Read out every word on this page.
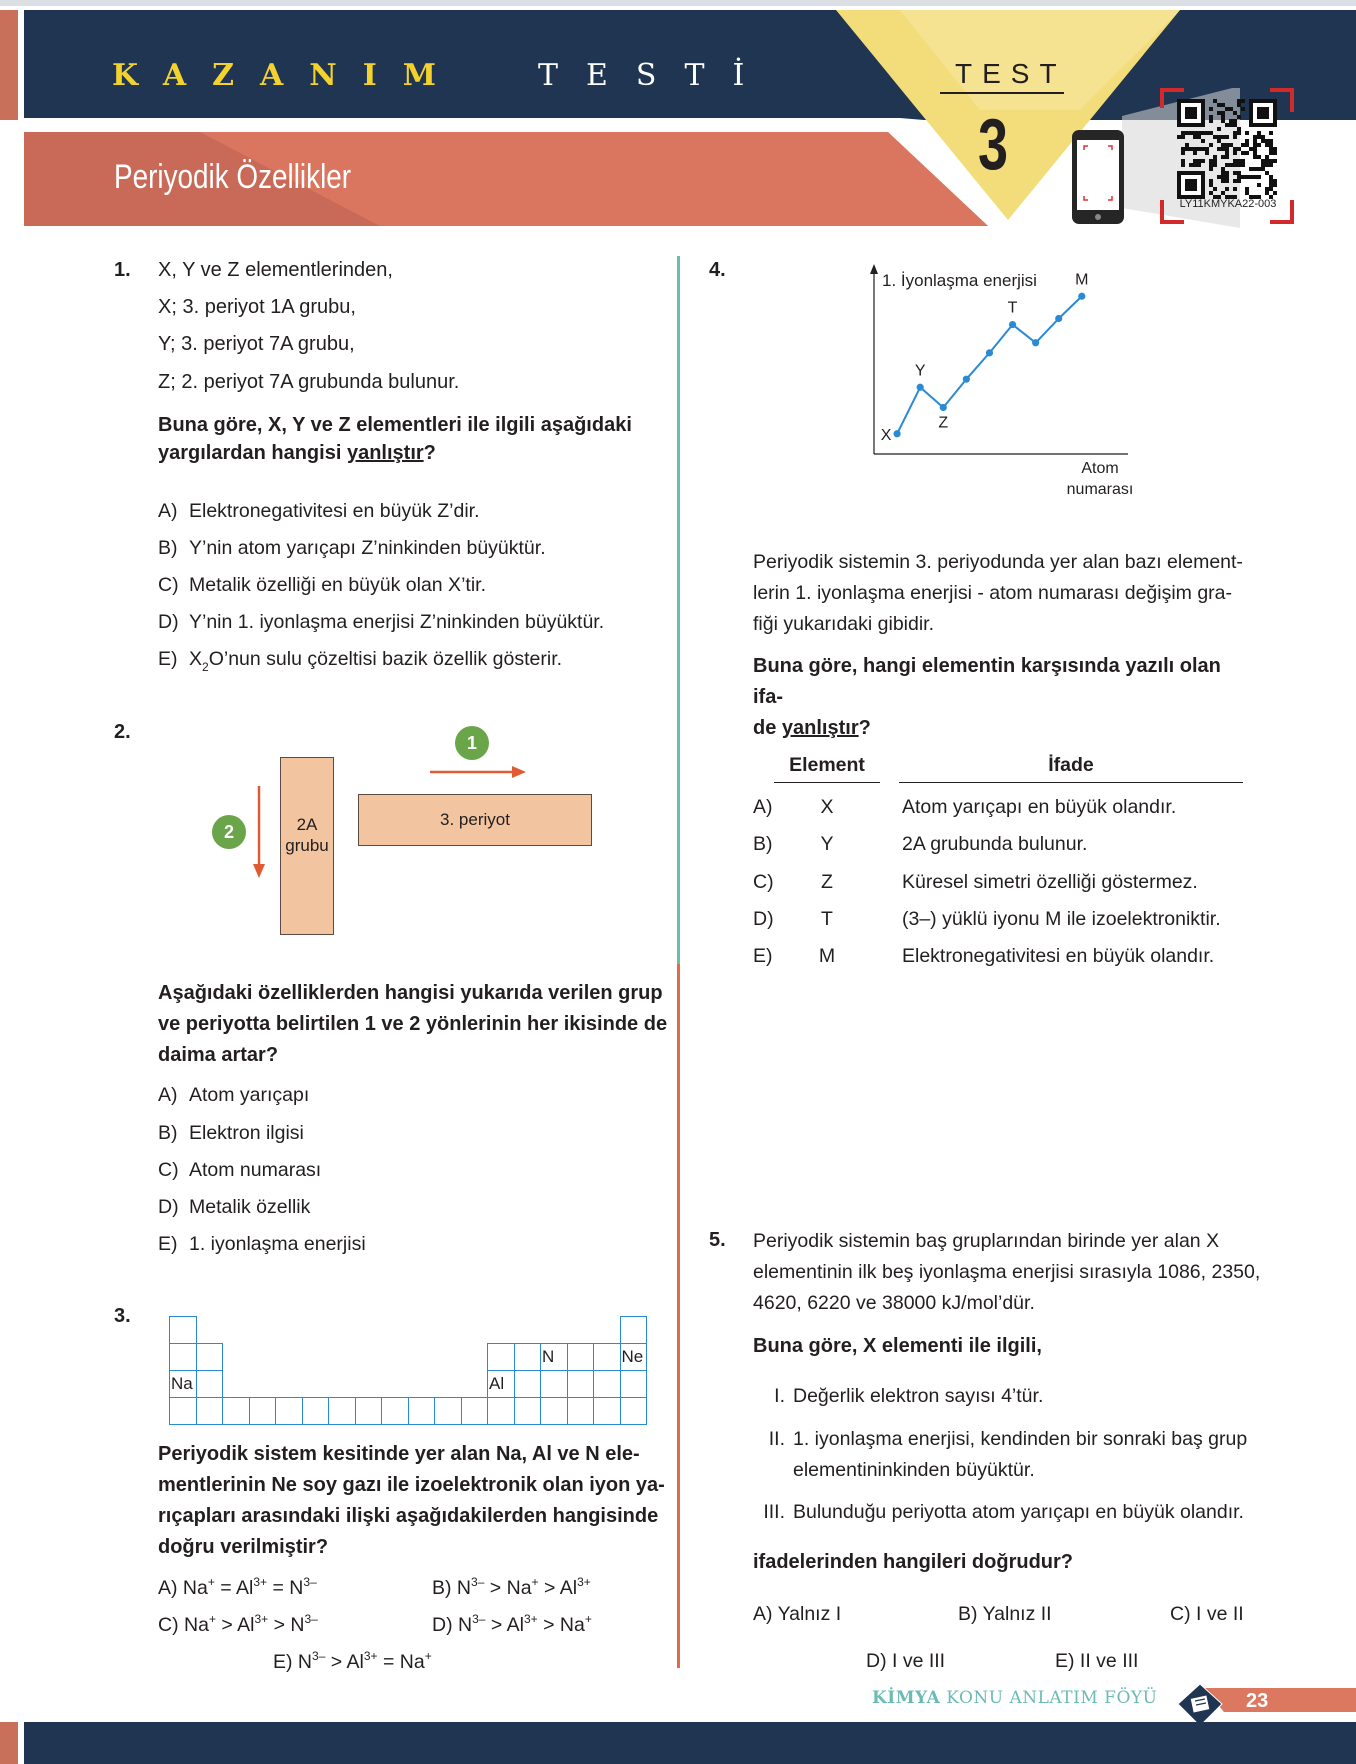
KAZANIM	TESTİ
Periyodik Özellikler
TEST
3
LY11KMYKA22-003
1. X, Y ve Z elementlerinden,
X; 3. periyot 1A grubu,
Y; 3. periyot 7A grubu,
Z; 2. periyot 7A grubunda bulunur.
Buna göre, X, Y ve Z elementleri ile ilgili aşağıdaki
yargılardan hangisi yanlıştır?
A) Elektronegativitesi en büyük Z’dir.
B) Y’nin atom yarıçapı Z’ninkinden büyüktür.
C) Metalik özelliği en büyük olan X’tir.
D) Y’nin 1. iyonlaşma enerjisi Z’ninkinden büyüktür.
E) $X_2O’nun$ sulu çözeltisi bazik özellik gösterir.
2.	1
2	2A
grubu
3. periyot
Aşağıdaki özelliklerden hangisi yukarıda verilen grup
ve periyotta belirtilen 1 ve 2 yönlerinin her ikisinde de
daima artar?
A) Atom yarıçapı
B) Elektron ilgisi
C) Atom numarası
D) Metalik özellik
E) 1. iyonlaşma enerjisi
3.
N	Ne
Na	Al
Periyodik sistem kesitinde yer alan Na, Al ve N ele-
mentlerinin Ne soy gazı ile izoelektronik olan iyon ya-
rıçapları arasındaki ilişki aşağıdakilerden hangisinde
doğru verilmiştir?
A) $Na^+ = Al^{3+} = N^{3-}$	B) $N^{3-} > Na^+ > Al^{3+}$
C) $Na^+ > Al^{3+} > N^{3-}$	D) $N^{3-} > Al^{3+} > Na^+$
E) $N^{3-} > Al^{3+} = Na^+$
4.	1. İyonlaşma enerjisi
Atom
numarası
X
Y
Z
T
M
Periyodik sistemin 3. periyodunda yer alan bazı element-
lerin 1. iyonlaşma enerjisi - atom numarası değişim gra-
fiği yukarıdaki gibidir.
Buna göre, hangi elementin karşısında yazılı olan ifa-
de yanlıştır?
Element	İfade
A)	X	Atom yarıçapı en büyük olandır.
B)	Y	2A grubunda bulunur.
C)	Z	Küresel simetri özelliği göstermez.
D)	T	(3–) yüklü iyonu M ile izoelektroniktir.
E)	M	Elektronegativitesi en büyük olandır.
5. Periyodik sistemin baş gruplarından birinde yer alan X
elementinin ilk beş iyonlaşma enerjisi sırasıyla 1086, 2350,
4620, 6220 ve 38000 kJ/mol’dür.
Buna göre, X elementi ile ilgili,
I. Değerlik elektron sayısı 4’tür.
II. 1. iyonlaşma enerjisi, kendinden bir sonraki baş grup
elementininkinden büyüktür.
III. Bulunduğu periyotta atom yarıçapı en büyük olandır.
ifadelerinden hangileri doğrudur?
A) Yalnız I	B) Yalnız II	C) I ve II
D) I ve III	E) II ve III
KİMYA KONU ANLATIM FÖYÜ	23
